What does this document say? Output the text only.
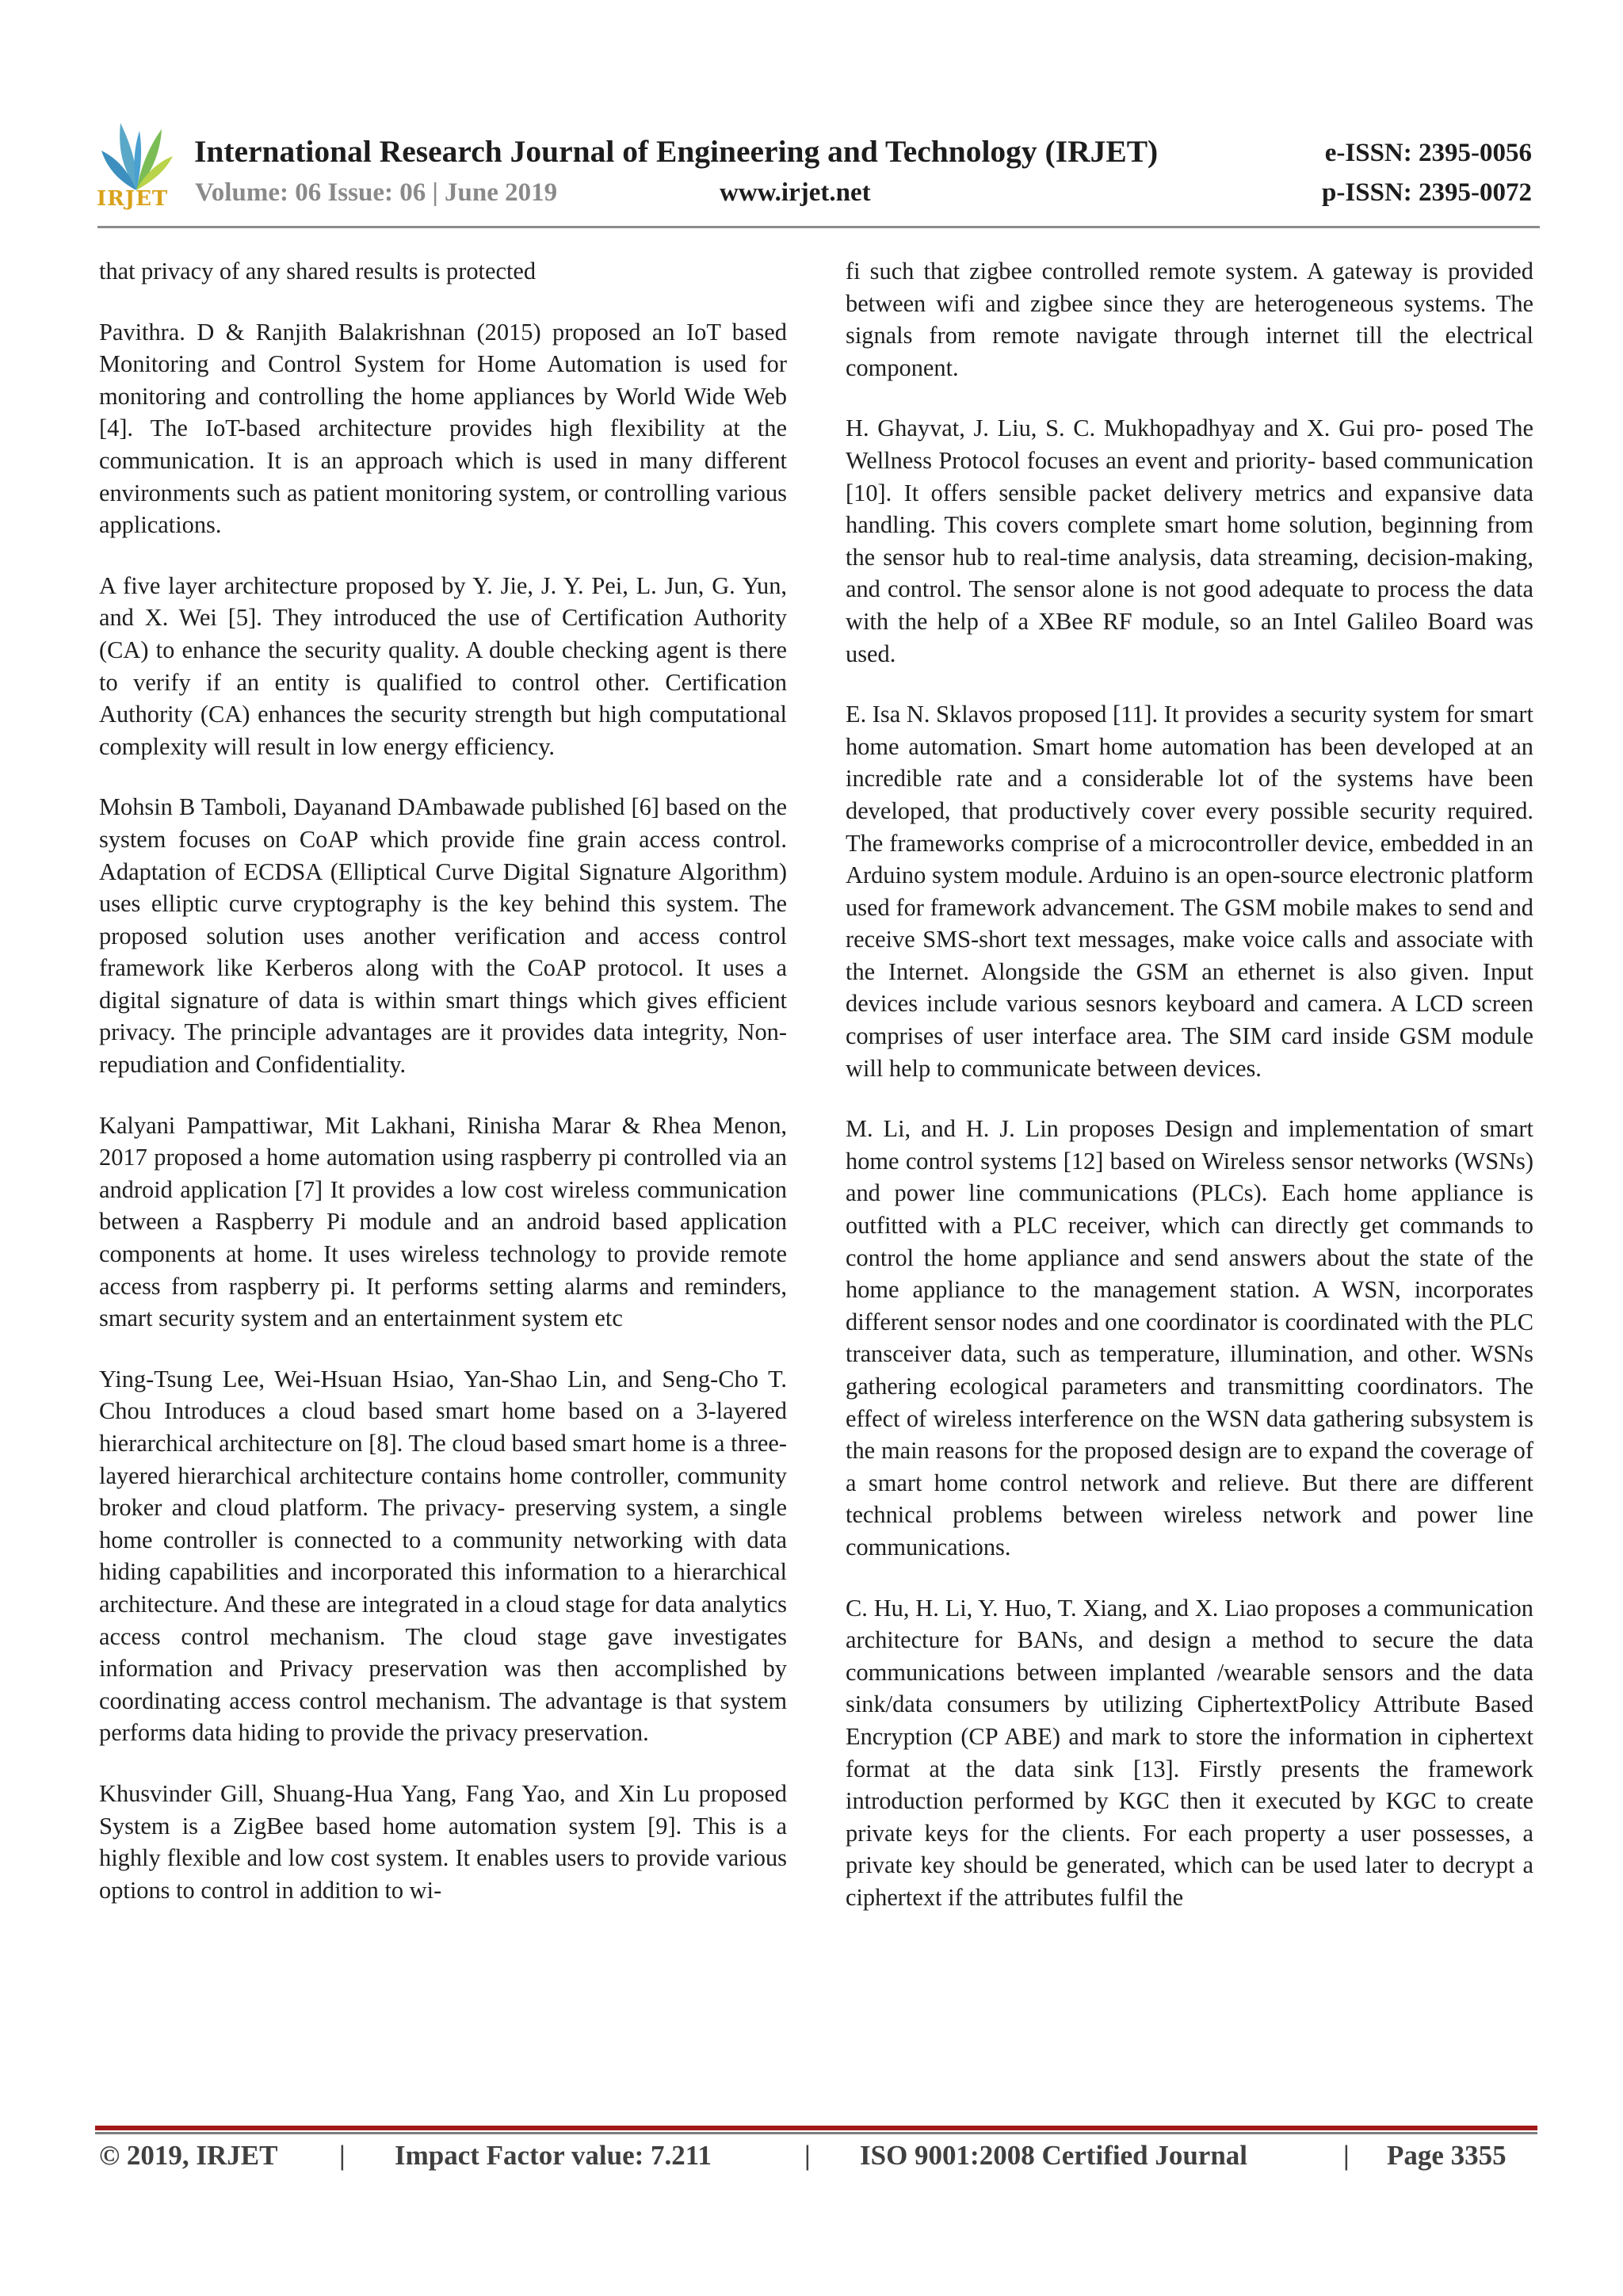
IRJET
International Research Journal of Engineering and Technology (IRJET)
Volume: 06 Issue: 06 | June 2019	www.irjet.net
e-ISSN: 2395-0056
p-ISSN: 2395-0072

that privacy of any shared results is protected

Pavithra. D & Ranjith Balakrishnan (2015) proposed an IoT based Monitoring and Control System for Home Automation is used for monitoring and controlling the home appliances by World Wide Web [4]. The IoT-based architecture provides high flexibility at the communication. It is an approach which is used in many different environments such as patient monitoring system, or controlling various applications.

A five layer architecture proposed by Y. Jie, J. Y. Pei, L. Jun, G. Yun, and X. Wei [5]. They introduced the use of Certification Authority (CA) to enhance the security quality. A double checking agent is there to verify if an entity is qualified to control other. Certification Authority (CA) enhances the security strength but high computational complexity will result in low energy efficiency.

Mohsin B Tamboli, Dayanand DAmbawade published [6] based on the system focuses on CoAP which provide fine grain access control. Adaptation of ECDSA (Elliptical Curve Digital Signature Algorithm) uses elliptic curve cryptography is the key behind this system. The proposed solution uses another verification and access control framework like Kerberos along with the CoAP protocol. It uses a digital signature of data is within smart things which gives efficient privacy. The principle advantages are it provides data integrity, Non-repudiation and Confidentiality.

Kalyani Pampattiwar, Mit Lakhani, Rinisha Marar & Rhea Menon, 2017 proposed a home automation using raspberry pi controlled via an android application [7] It provides a low cost wireless communication between a Raspberry Pi module and an android based application components at home. It uses wireless technology to provide remote access from raspberry pi. It performs setting alarms and reminders, smart security system and an entertainment system etc

Ying-Tsung Lee, Wei-Hsuan Hsiao, Yan-Shao Lin, and Seng-Cho T. Chou Introduces a cloud based smart home based on a 3-layered hierarchical architecture on [8]. The cloud based smart home is a three-layered hierarchical architecture contains home controller, community broker and cloud platform. The privacy- preserving system, a single home controller is connected to a community networking with data hiding capabilities and incorporated this information to a hierarchical architecture. And these are integrated in a cloud stage for data analytics access control mechanism. The cloud stage gave investigates information and Privacy preservation was then accomplished by coordinating access control mechanism. The advantage is that system performs data hiding to provide the privacy preservation.

Khusvinder Gill, Shuang-Hua Yang, Fang Yao, and Xin Lu proposed System is a ZigBee based home automation system [9]. This is a highly flexible and low cost system. It enables users to provide various options to control in addition to wi-

fi such that zigbee controlled remote system. A gateway is provided between wifi and zigbee since they are heterogeneous systems. The signals from remote navigate through internet till the electrical component.

H. Ghayvat, J. Liu, S. C. Mukhopadhyay and X. Gui pro- posed The Wellness Protocol focuses an event and priority- based communication [10]. It offers sensible packet delivery metrics and expansive data handling. This covers complete smart home solution, beginning from the sensor hub to real-time analysis, data streaming, decision-making, and control. The sensor alone is not good adequate to process the data with the help of a XBee RF module, so an Intel Galileo Board was used.

E. Isa N. Sklavos proposed [11]. It provides a security system for smart home automation. Smart home automation has been developed at an incredible rate and a considerable lot of the systems have been developed, that productively cover every possible security required. The frameworks comprise of a microcontroller device, embedded in an Arduino system module. Arduino is an open-source electronic platform used for framework advancement. The GSM mobile makes to send and receive SMS-short text messages, make voice calls and associate with the Internet. Alongside the GSM an ethernet is also given. Input devices include various sesnors keyboard and camera. A LCD screen comprises of user interface area. The SIM card inside GSM module will help to communicate between devices.

M. Li, and H. J. Lin proposes Design and implementation of smart home control systems [12] based on Wireless sensor networks (WSNs) and power line communications (PLCs). Each home appliance is outfitted with a PLC receiver, which can directly get commands to control the home appliance and send answers about the state of the home appliance to the management station. A WSN, incorporates different sensor nodes and one coordinator is coordinated with the PLC transceiver data, such as temperature, illumination, and other. WSNs gathering ecological parameters and transmitting coordinators. The effect of wireless interference on the WSN data gathering subsystem is the main reasons for the proposed design are to expand the coverage of a smart home control network and relieve. But there are different technical problems between wireless network and power line communications.

C. Hu, H. Li, Y. Huo, T. Xiang, and X. Liao proposes a communication architecture for BANs, and design a method to secure the data communications between implanted /wearable sensors and the data sink/data consumers by utilizing CiphertextPolicy Attribute Based Encryption (CP ABE) and mark to store the information in ciphertext format at the data sink [13]. Firstly presents the framework introduction performed by KGC then it executed by KGC to create private keys for the clients. For each property a user possesses, a private key should be generated, which can be used later to decrypt a ciphertext if the attributes fulfil the

© 2019, IRJET | Impact Factor value: 7.211	| ISO 9001:2008 Certified Journal	| Page 3355
